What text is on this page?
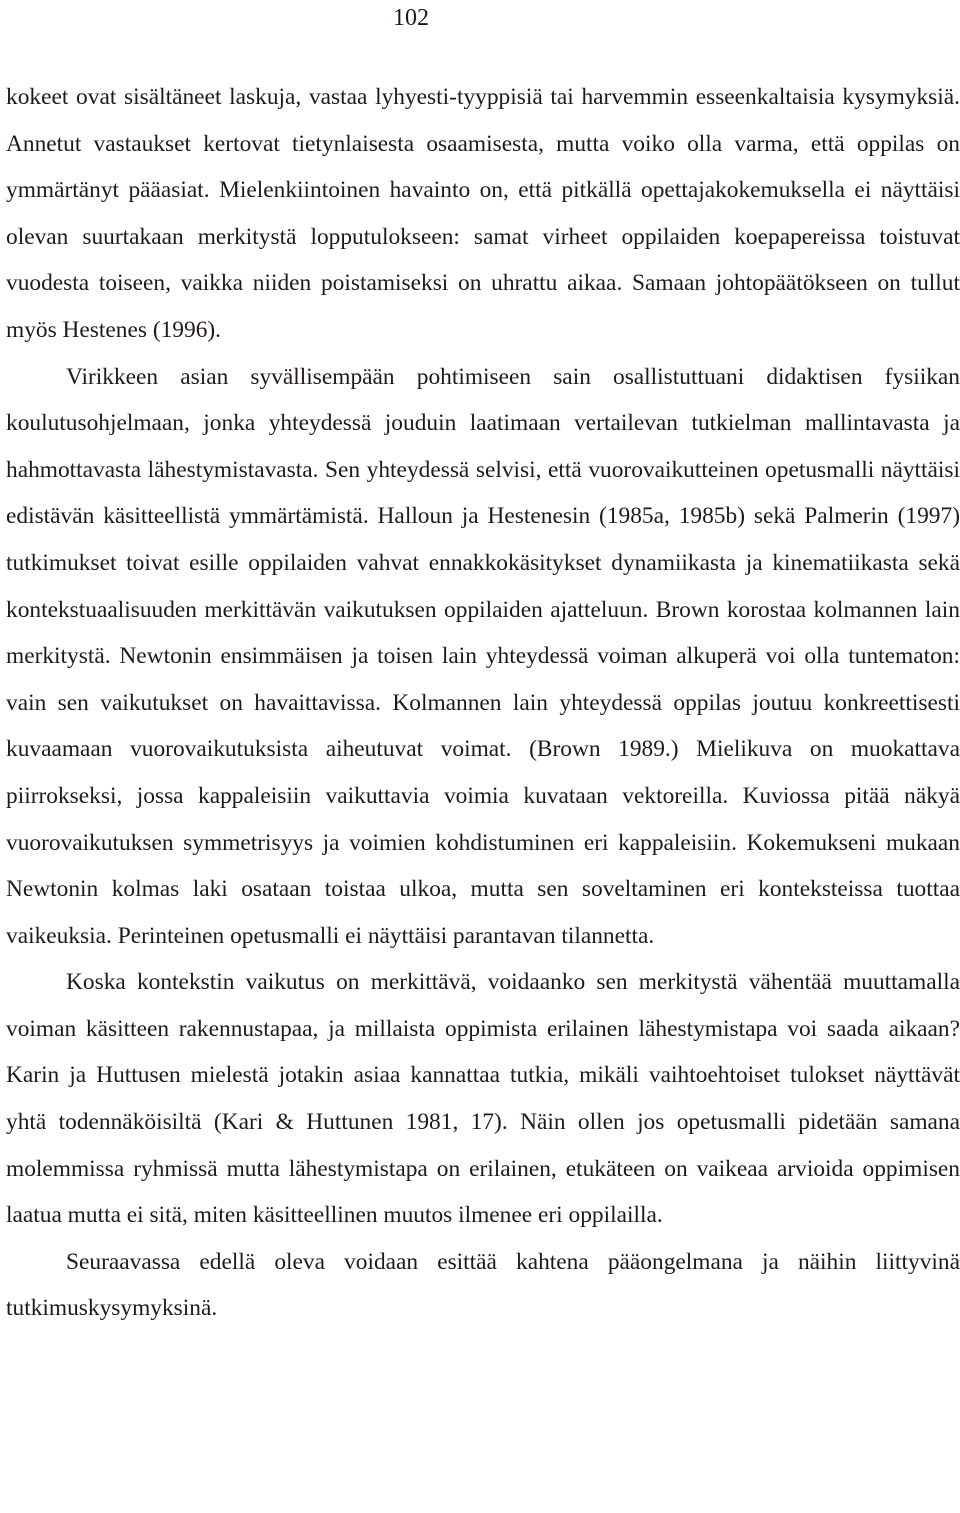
102

kokeet ovat sisältäneet laskuja, vastaa lyhyesti-tyyppisiä tai harvemmin esseenkaltaisia kysymyksiä. Annetut vastaukset kertovat tietynlaisesta osaamisesta, mutta voiko olla varma, että oppilas on ymmärtänyt pääasiat. Mielenkiintoinen havainto on, että pitkällä opettajakokemuksella ei näyttäisi olevan suurtakaan merkitystä lopputulokseen: samat virheet oppilaiden koepapereissa toistuvat vuodesta toiseen, vaikka niiden poistamiseksi on uhrattu aikaa. Samaan johtopäätökseen on tullut myös Hestenes (1996).

Virikkeen asian syvällisempään pohtimiseen sain osallistuttuani didaktisen fysiikan koulutusohjelmaan, jonka yhteydessä jouduin laatimaan vertailevan tutkielman mallintavasta ja hahmottavasta lähestymistavasta. Sen yhteydessä selvisi, että vuorovaikutteinen opetusmalli näyttäisi edistävän käsitteellistä ymmärtämistä. Halloun ja Hestenesin (1985a, 1985b) sekä Palmerin (1997) tutkimukset toivat esille oppilaiden vahvat ennakkokäsitykset dynamiikasta ja kinematiikasta sekä kontekstuaalisuuden merkittävän vaikutuksen oppilaiden ajatteluun. Brown korostaa kolmannen lain merkitystä. Newtonin ensimmäisen ja toisen lain yhteydessä voiman alkuperä voi olla tuntematon: vain sen vaikutukset on havaittavissa. Kolmannen lain yhteydessä oppilas joutuu konkreettisesti kuvaamaan vuorovaikutuksista aiheutuvat voimat. (Brown 1989.) Mielikuva on muokattava piirrokseksi, jossa kappaleisiin vaikuttavia voimia kuvataan vektoreilla. Kuviossa pitää näkyä vuorovaikutuksen symmetrisyys ja voimien kohdistuminen eri kappaleisiin. Kokemukseni mukaan Newtonin kolmas laki osataan toistaa ulkoa, mutta sen soveltaminen eri konteksteissa tuottaa vaikeuksia. Perinteinen opetusmalli ei näyttäisi parantavan tilannetta.

Koska kontekstin vaikutus on merkittävä, voidaanko sen merkitystä vähentää muuttamalla voiman käsitteen rakennustapaa, ja millaista oppimista erilainen lähestymistapa voi saada aikaan? Karin ja Huttusen mielestä jotakin asiaa kannattaa tutkia, mikäli vaihtoehtoiset tulokset näyttävät yhtä todennäköisiltä (Kari & Huttunen 1981, 17). Näin ollen jos opetusmalli pidetään samana molemmissa ryhmissä mutta lähestymistapa on erilainen, etukäteen on vaikeaa arvioida oppimisen laatua mutta ei sitä, miten käsitteellinen muutos ilmenee eri oppilailla.

Seuraavassa edellä oleva voidaan esittää kahtena pääongelmana ja näihin liittyvinä tutkimuskysymyksinä.
